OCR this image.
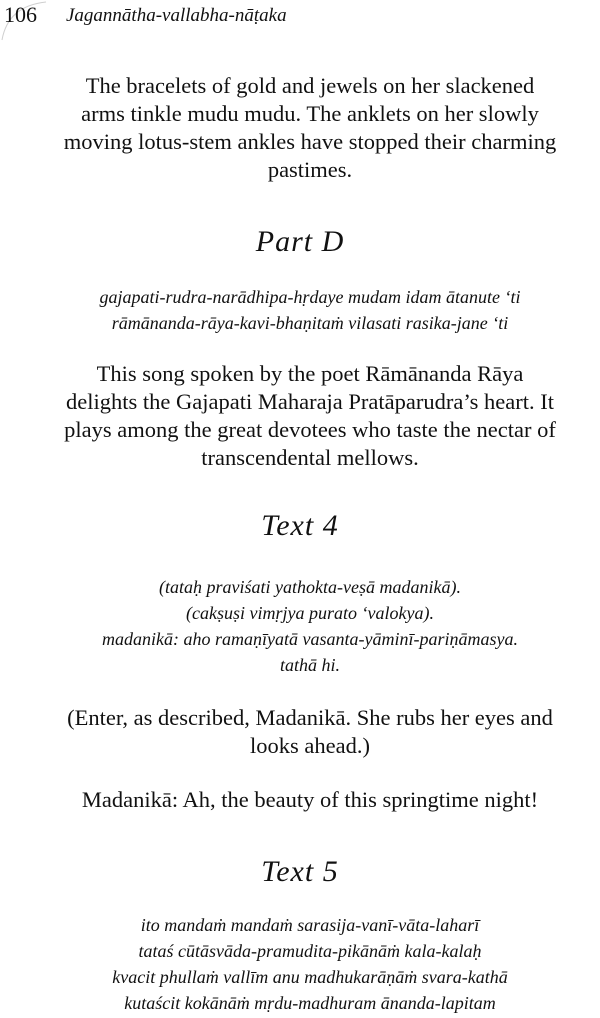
106 Jagannātha-vallabha-nāṭaka
The bracelets of gold and jewels on her slackened
arms tinkle mudu mudu. The anklets on her slowly
moving lotus-stem ankles have stopped their charming
pastimes.
Part D
gajapati-rudra-narādhipa-hṛdaye mudam idam ātanute ‘ti
rāmānanda-rāya-kavi-bhaṇitaṁ vilasati rasika-jane ‘ti
This song spoken by the poet Rāmānanda Rāya
delights the Gajapati Maharaja Pratāparudra’s heart. It
plays among the great devotees who taste the nectar of
transcendental mellows.
Text 4
(tataḥ praviśati yathokta-veṣā madanikā).
(cakṣuṣi vimṛjya purato ‘valokya).
madanikā: aho ramaṇīyatā vasanta-yāminī-pariṇāmasya.
tathā hi.
(Enter, as described, Madanikā. She rubs her eyes and
looks ahead.)
Madanikā: Ah, the beauty of this springtime night!
Text 5
ito mandaṁ mandaṁ sarasija-vanī-vāta-laharī
tataś cūtāsvāda-pramudita-pikānāṁ kala-kalaḥ
kvacit phullaṁ vallīm anu madhukarāṇāṁ svara-kathā
kutaścit kokānāṁ mṛdu-madhuram ānanda-lapitam
